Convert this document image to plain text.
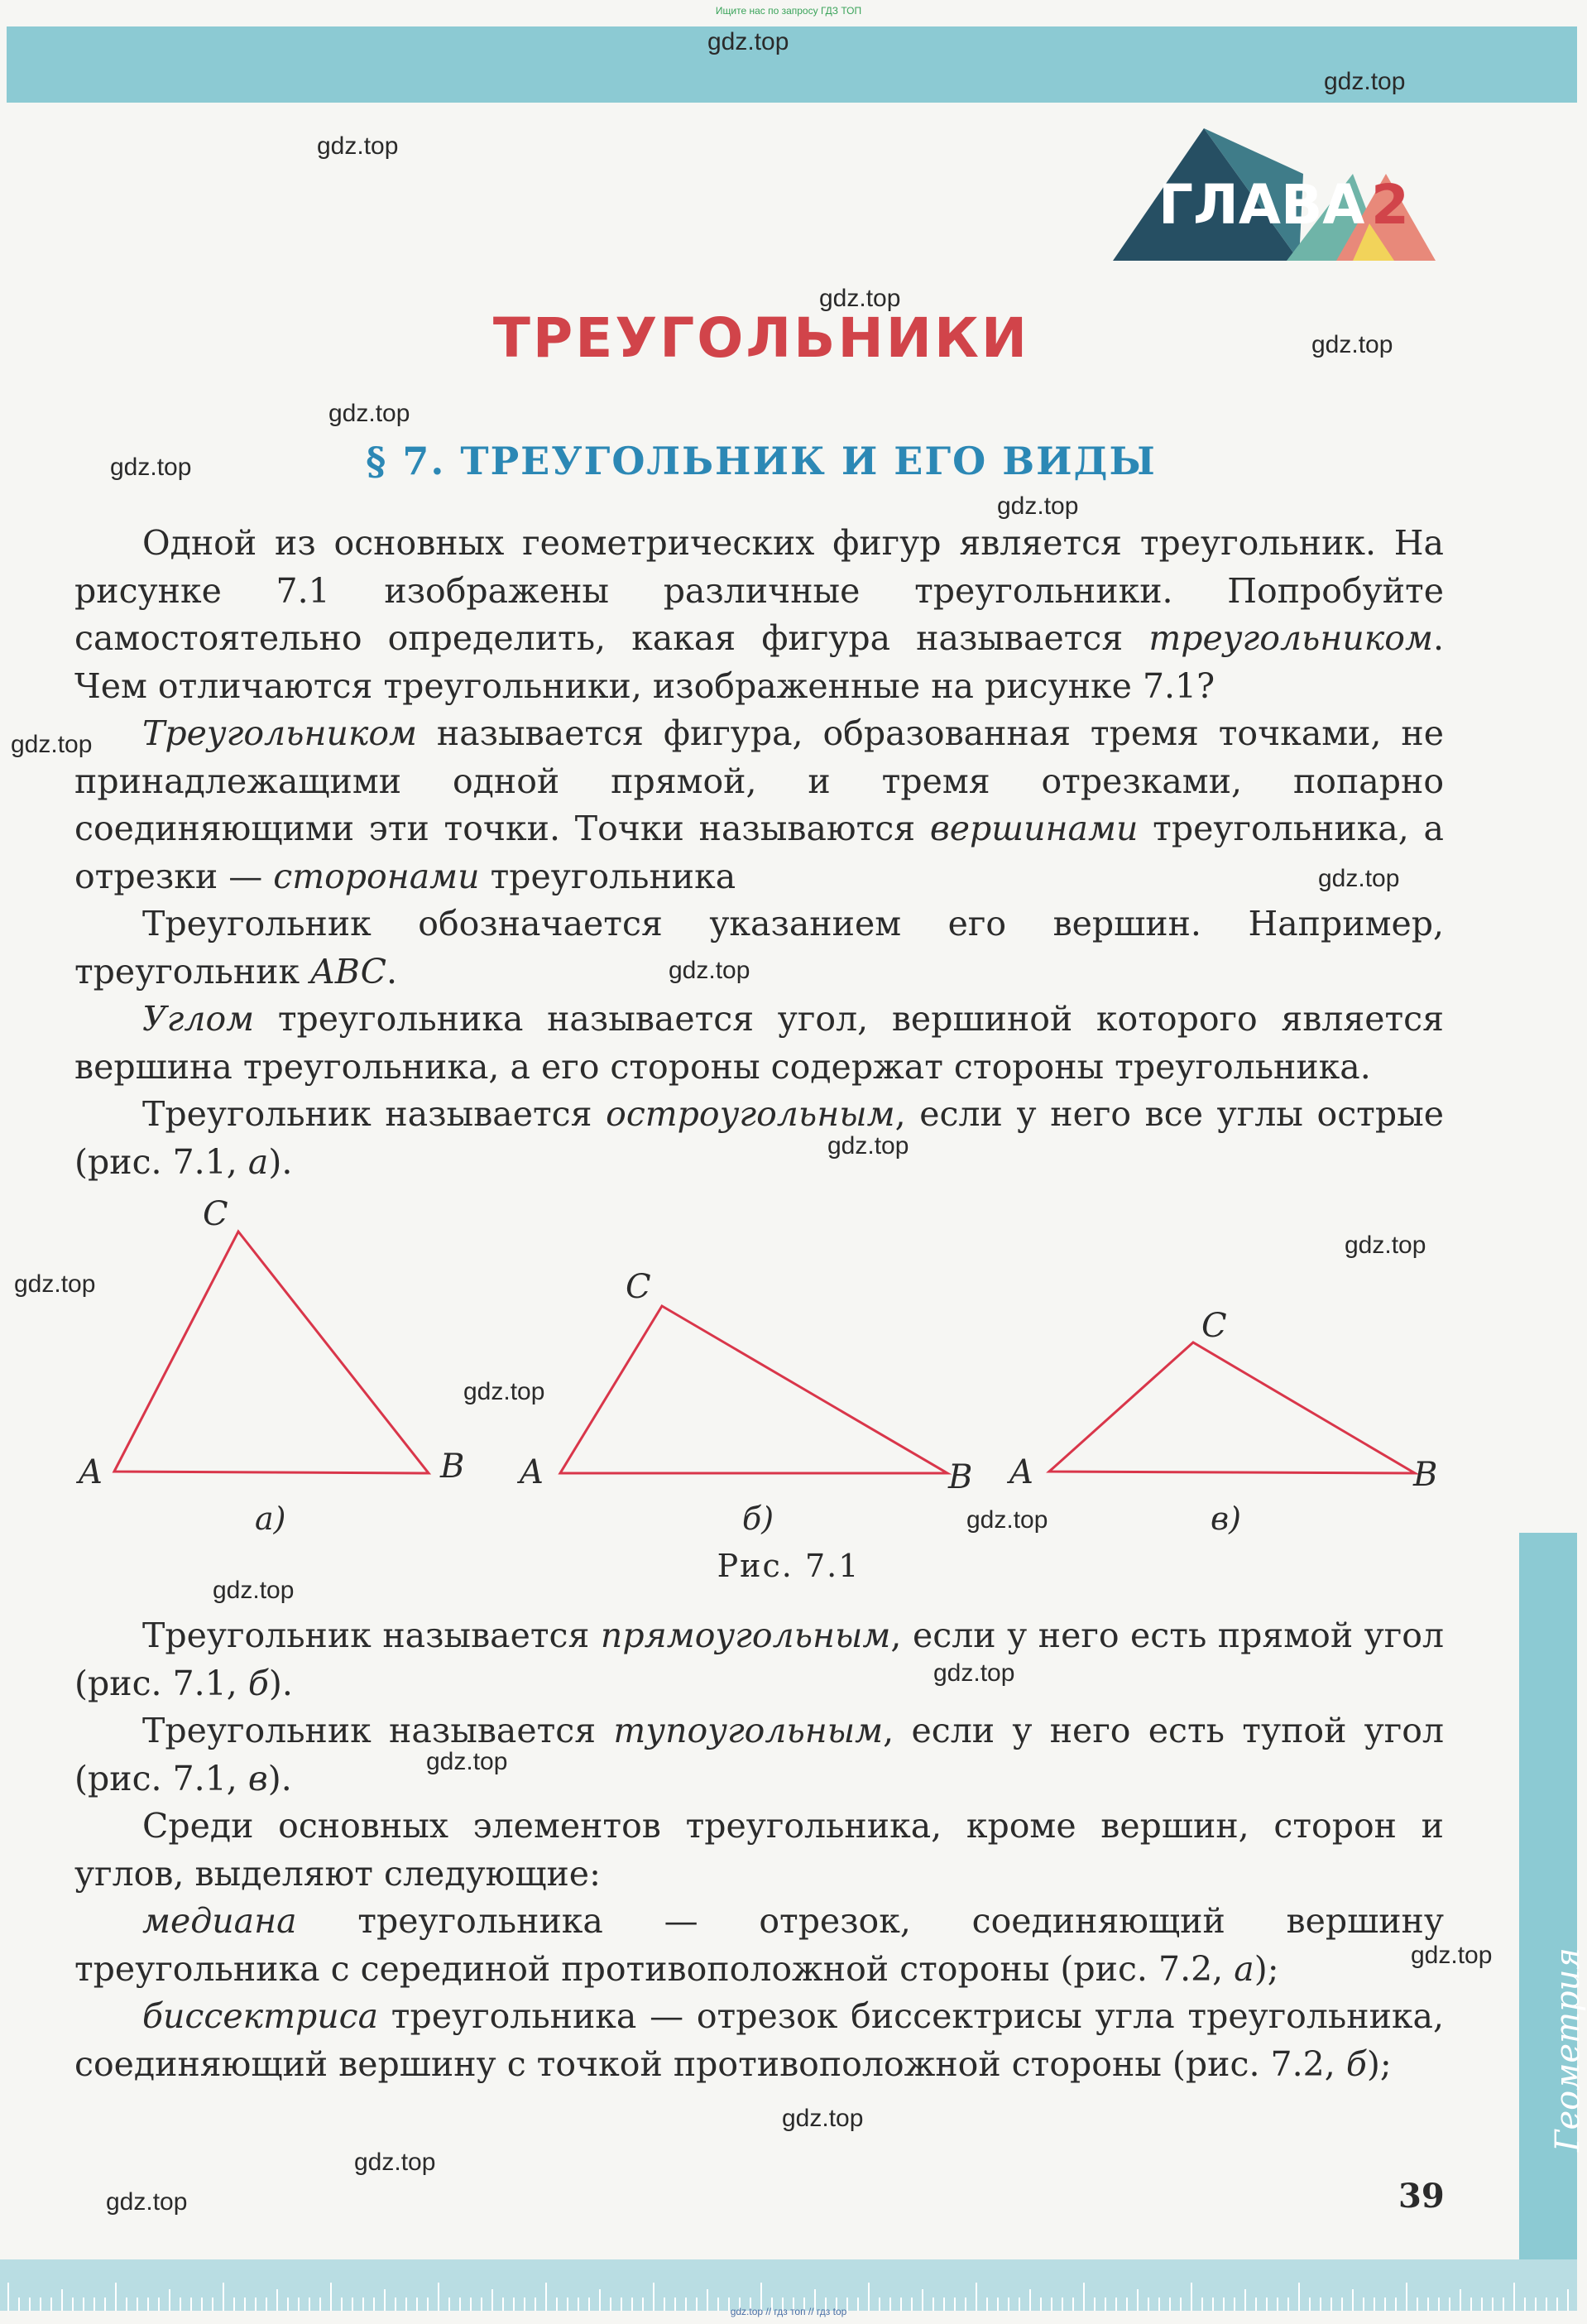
Ищите нас по запросу ГДЗ ТОП
ГЛАВА 2
ТРЕУГОЛЬНИКИ
§ 7. ТРЕУГОЛЬНИК И ЕГО ВИДЫ

Одной из основных геометрических фигур является треугольник. На рисунке 7.1 изображены различные треугольники. Попробуйте самостоятельно определить, какая фигура называется треугольником. Чем отличаются треугольники, изображенные на рисунке 7.1?

Треугольником называется фигура, образованная тремя точками, не принадлежащими одной прямой, и тремя отрезками, попарно соединяющими эти точки. Точки называются вершинами треугольника, а отрезки — сторонами треугольника

Треугольник обозначается указанием его вершин. Например, треугольник ABC.

Углом треугольника называется угол, вершиной которого является вершина треугольника, а его стороны содержат стороны треугольника.

Треугольник называется остроугольным, если у него все углы острые (рис. 7.1, а).

A	B
C
A	B
C
A	B
C
а)	б)	в)
Рис. 7.1

Треугольник называется прямоугольным, если у него есть прямой угол (рис. 7.1, б).

Треугольник называется тупоугольным, если у него есть тупой угол (рис. 7.1, в).

Среди основных элементов треугольника, кроме вершин, сторон и углов, выделяют следующие:

медиана треугольника — отрезок, соединяющий вершину треугольника с серединой противоположной стороны (рис. 7.2, а);

биссектриса треугольника — отрезок биссектрисы угла треугольника, соединяющий вершину с точкой противоположной стороны (рис. 7.2, б);

39
Геометрия
gdz.top // гдз топ // гдз top
gdz.top
gdz.top
gdz.top
gdz.top
gdz.top
gdz.top
gdz.top
gdz.top
gdz.top
gdz.top
gdz.top
gdz.top
gdz.top
gdz.top
gdz.top
gdz.top
gdz.top
gdz.top
gdz.top
gdz.top
gdz.top
gdz.top
gdz.top
